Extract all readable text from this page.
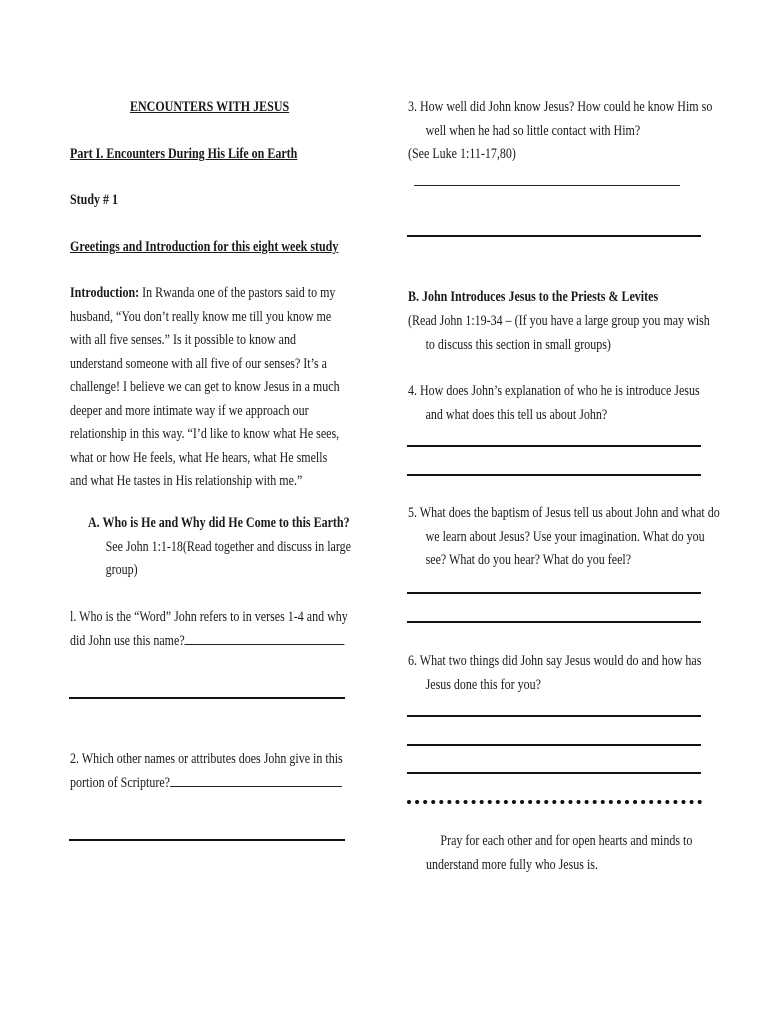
ENCOUNTERS WITH JESUS

Part I. Encounters During His Life on Earth

Study # 1

Greetings and Introduction for this eight week study

Introduction: In Rwanda one of the pastors said to my husband, “You don’t really know me till you know me with all five senses.” Is it possible to know and understand someone with all five of our senses? It’s a challenge! I believe we can get to know Jesus in a much deeper and more intimate way if we approach our relationship in this way. “I’d like to know what He sees, what or how He feels, what He hears, what He smells and what He tastes in His relationship with me.”

A. Who is He and Why did He Come to this Earth? See John 1:1-18(Read together and discuss in large group)

l. Who is the “Word” John refers to in verses 1-4 and why did John use this name?

2. Which other names or attributes does John give in this portion of Scripture?

3. How well did John know Jesus? How could he know Him so well when he had so little contact with Him?

(See Luke 1:11-17,80)

B. John Introduces Jesus to the Priests & Levites

(Read John 1:19-34 – (If you have a large group you may wish to discuss this section in small groups)

4. How does John’s explanation of who he is introduce Jesus and what does this tell us about John?

5. What does the baptism of Jesus tell us about John and what do we learn about Jesus? Use your imagination. What do you see? What do you hear? What do you feel?

6. What two things did John say Jesus would do and how has Jesus done this for you?

Pray for each other and for open hearts and minds to understand more fully who Jesus is.
